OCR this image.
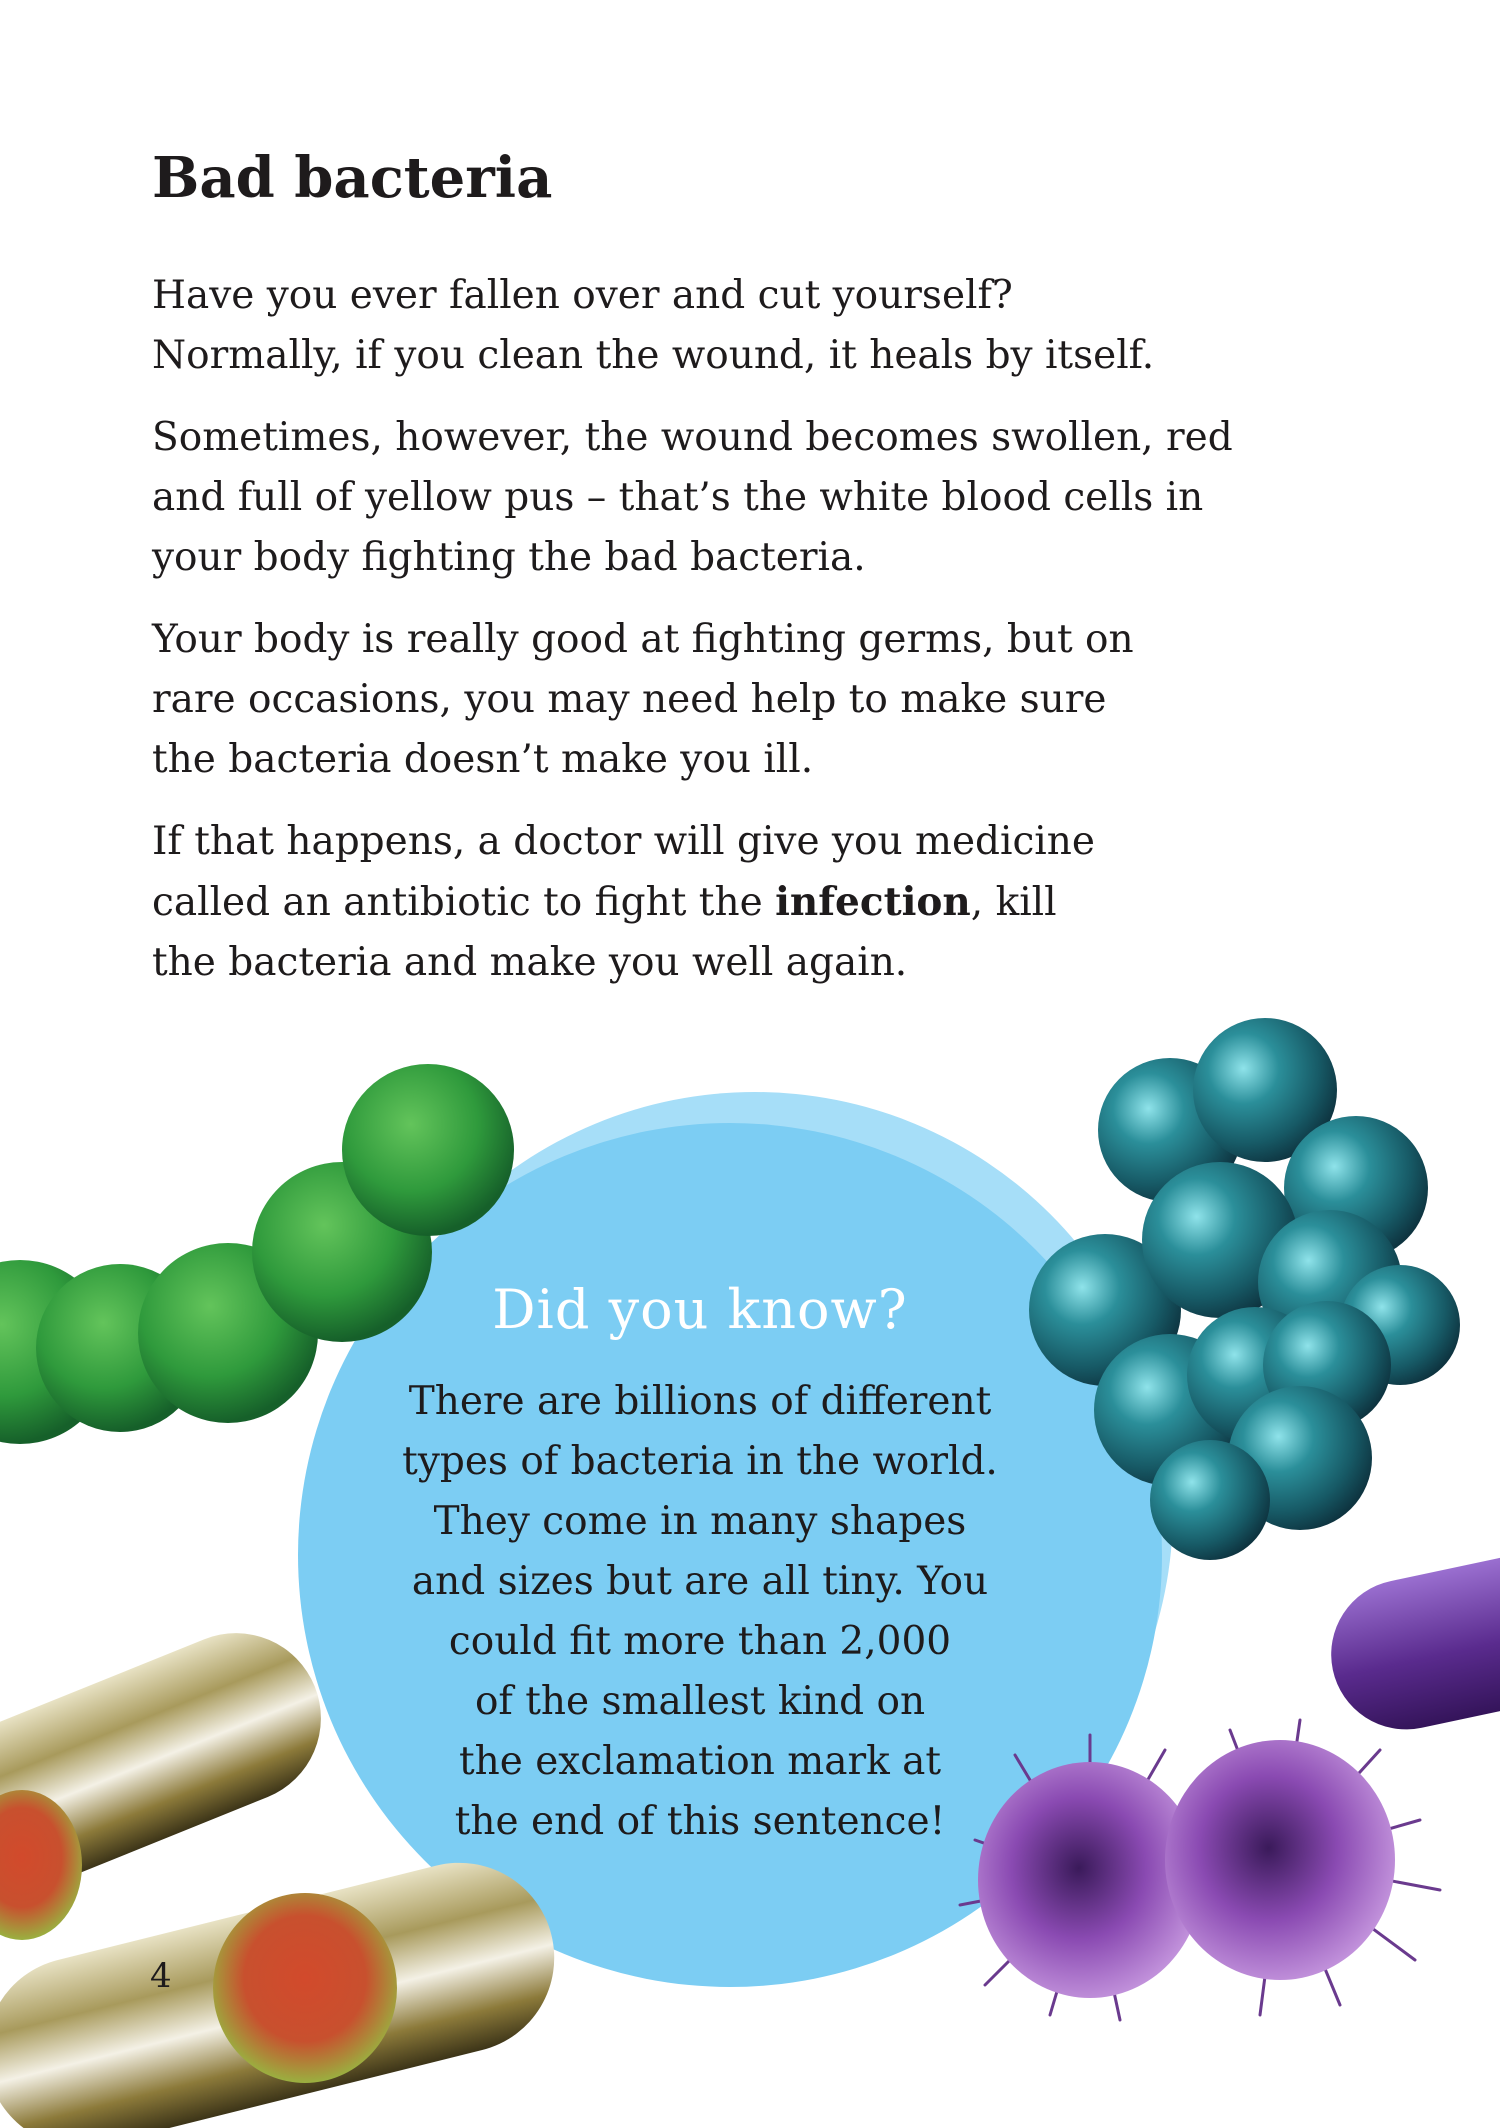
Bad bacteria
Have you ever fallen over and cut yourself?
Normally, if you clean the wound, it heals by itself.
Sometimes, however, the wound becomes swollen, red
and full of yellow pus – that’s the white blood cells in
your body fighting the bad bacteria.
Your body is really good at fighting germs, but on
rare occasions, you may need help to make sure
the bacteria doesn’t make you ill.
If that happens, a doctor will give you medicine
called an antibiotic to fight the infection, kill
the bacteria and make you well again.
Did you know?
There are billions of different
types of bacteria in the world.
They come in many shapes
and sizes but are all tiny. You
could fit more than 2,000
of the smallest kind on
the exclamation mark at
the end of this sentence!
4
